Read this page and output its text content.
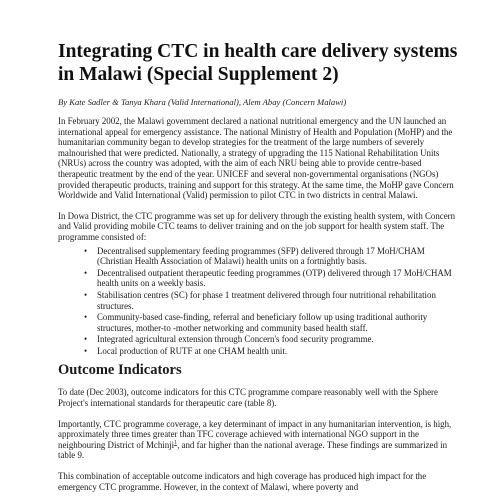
Integrating CTC in health care delivery systems in Malawi (Special Supplement 2)
By Kate Sadler & Tanya Khara (Valid International), Alem Abay (Concern Malawi)

In February 2002, the Malawi government declared a national nutritional emergency and the UN launched an international appeal for emergency assistance. The national Ministry of Health and Population (MoHP) and the humanitarian community began to develop strategies for the treatment of the large numbers of severely malnourished that were predicted. Nationally, a strategy of upgrading the 115 National Rehabilitation Units (NRUs) across the country was adopted, with the aim of each NRU being able to provide centre-based therapeutic treatment by the end of the year. UNICEF and several non-governmental organisations (NGOs) provided therapeutic products, training and support for this strategy. At the same time, the MoHP gave Concern Worldwide and Valid International (Valid) permission to pilot CTC in two districts in central Malawi.

In Dowa District, the CTC programme was set up for delivery through the existing health system, with Concern and Valid providing mobile CTC teams to deliver training and on the job support for health system staff. The programme consisted of:

• Decentralised supplementary feeding programmes (SFP) delivered through 17 MoH/CHAM (Christian Health Association of Malawi) health units on a fortnightly basis.
• Decentralised outpatient therapeutic feeding programmes (OTP) delivered through 17 MoH/CHAM health units on a weekly basis.
• Stabilisation centres (SC) for phase 1 treatment delivered through four nutritional rehabilitation structures.
• Community-based case-finding, referral and beneficiary follow up using traditional authority structures, mother-to -mother networking and community based health staff.
• Integrated agricultural extension through Concern's food security programme.
• Local production of RUTF at one CHAM health unit.
Outcome Indicators

To date (Dec 2003), outcome indicators for this CTC programme compare reasonably well with the Sphere Project's international standards for therapeutic care (table 8).

Importantly, CTC programme coverage, a key determinant of impact in any humanitarian intervention, is high, approximately three times greater than TFC coverage achieved with international NGO support in the neighbouring District of Mchinji$^1$, and far higher than the national average. These findings are summarized in table 9.

This combination of acceptable outcome indicators and high coverage has produced high impact for the emergency CTC programme. However, in the context of Malawi, where poverty and
